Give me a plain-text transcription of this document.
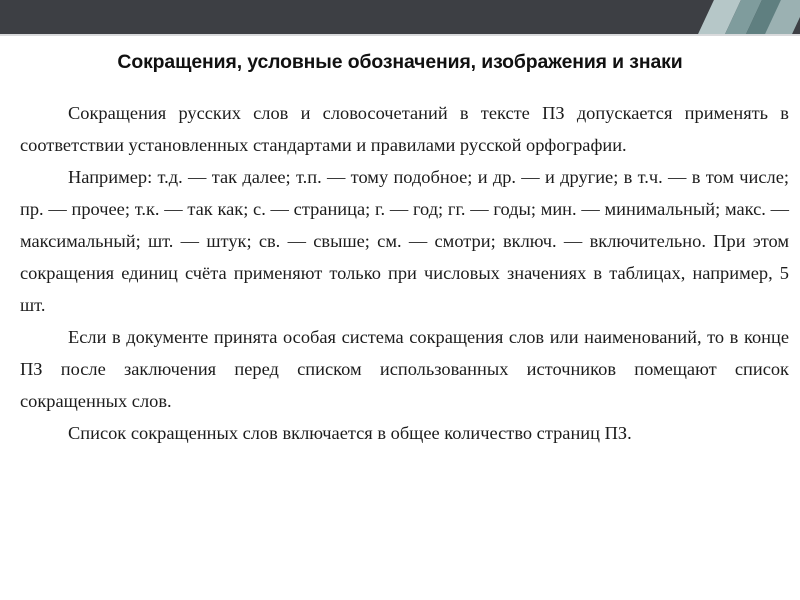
Сокращения, условные обозначения, изображения и знаки

Сокращения русских слов и словосочетаний в тексте ПЗ допускается применять в соответствии установленных стандартами и правилами русской орфографии.

Например: т.д. — так далее; т.п. — тому подобное; и др. — и другие; в т.ч. — в том числе; пр. — прочее; т.к. — так как; с. — страница; г. — год; гг. — годы; мин. — минимальный; макс. — максимальный; шт. — штук; св. — свыше; см. — смотри; включ. — включительно. При этом сокращения единиц счёта применяют только при числовых значениях в таблицах, например, 5 шт.

Если в документе принята особая система сокращения слов или наименований, то в конце ПЗ после заключения перед списком использованных источников помещают список сокращенных слов.

Список сокращенных слов включается в общее количество страниц ПЗ.
